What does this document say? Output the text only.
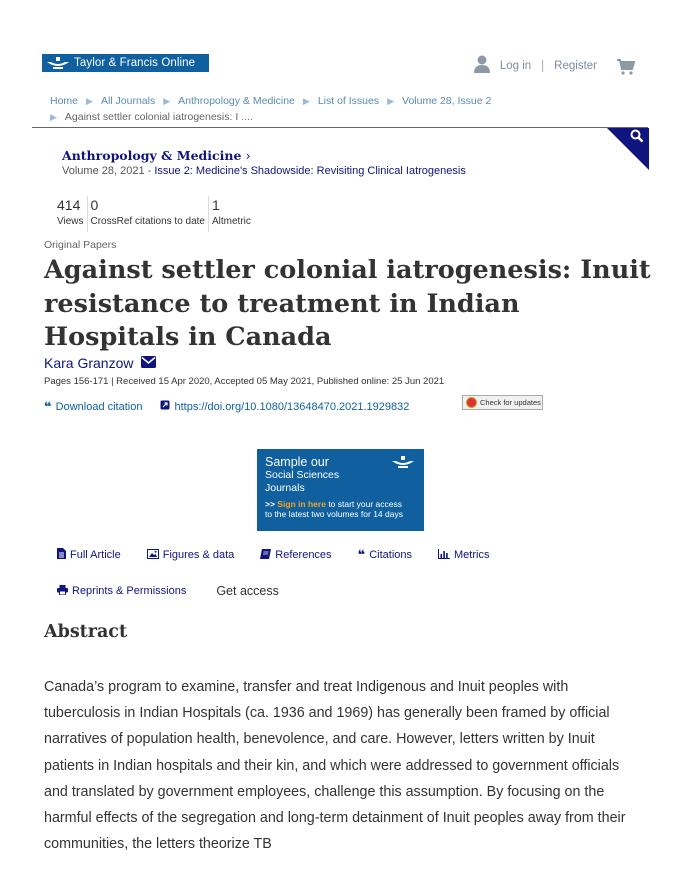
Taylor & Francis Online	Log in | Register
Home ▶ All Journals ▶ Anthropology & Medicine ▶ List of Issues ▶ Volume 28, Issue 2
▶ Against settler colonial iatrogenesis: I ....
Anthropology & Medicine ›
Volume 28, 2021 - Issue 2: Medicine's Shadowside: Revisiting Clinical Iatrogenesis
414
Views
0
CrossRef citations to date
1
Altmetric
Original Papers
Against settler colonial iatrogenesis: Inuit resistance to treatment in Indian Hospitals in Canada
Kara Granzow
Pages 156-171 | Received 15 Apr 2020, Accepted 05 May 2021, Published online: 25 Jun 2021
❝ Download citation	https://doi.org/10.1080/13648470.2021.1929832	Check for updates
Sample our
Social Sciences
Journals
>> Sign in here to start your access
to the latest two volumes for 14 days
Full Article	Figures & data	References ❝ Citations	Metrics
Reprints & Permissions Get access
Abstract

Canada’s program to examine, transfer and treat Indigenous and Inuit peoples with tuberculosis in Indian Hospitals (ca. 1936 and 1969) has generally been framed by official narratives of population health, benevolence, and care. However, letters written by Inuit patients in Indian hospitals and their kin, and which were addressed to government officials and translated by government employees, challenge this assumption. By focusing on the harmful effects of the segregation and long-term detainment of Inuit peoples away from their communities, the letters theorize TB
